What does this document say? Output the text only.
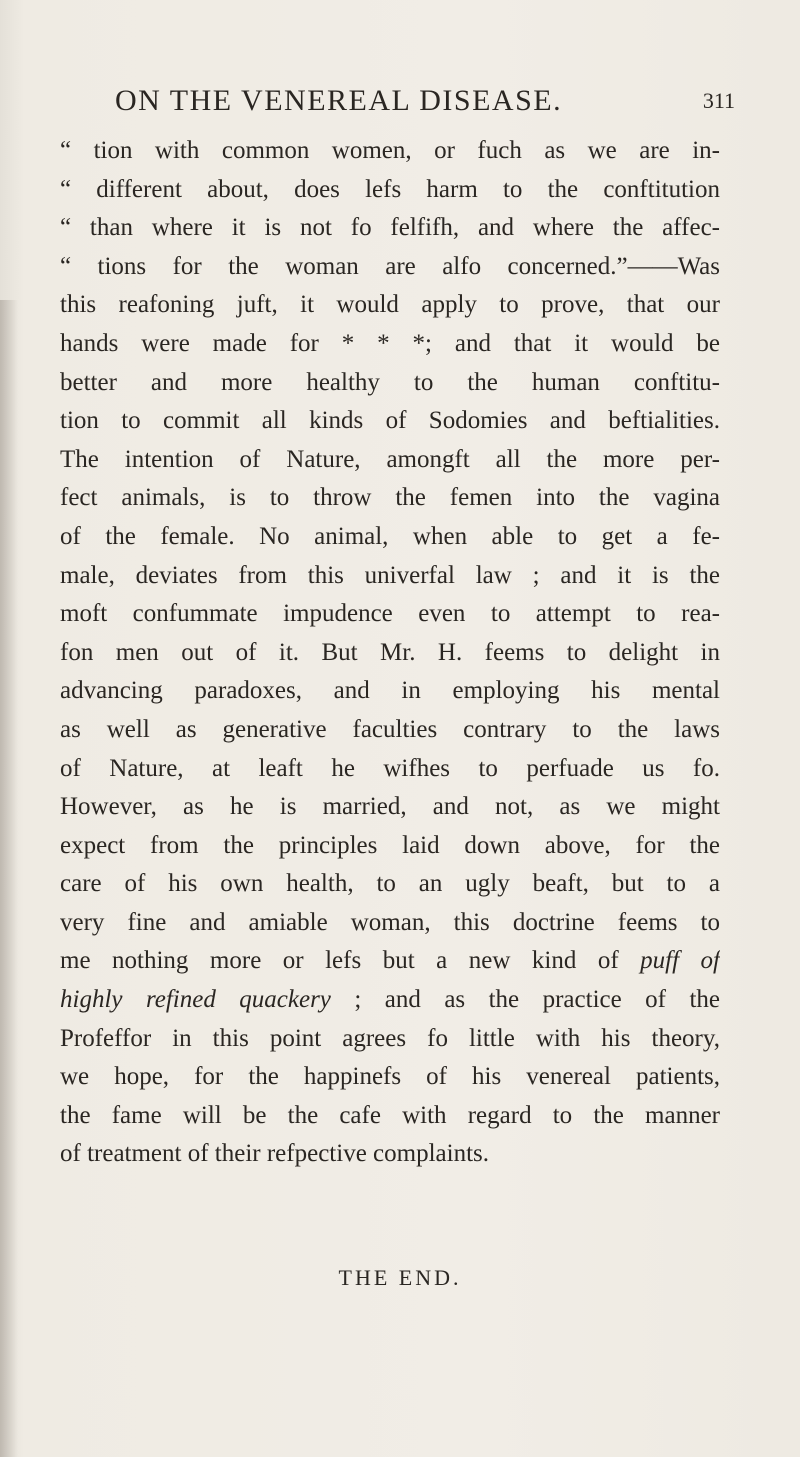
ON THE VENEREAL DISEASE.	311
“ tion with common women, or fuch as we are in-
“ different about, does lefs harm to the conftitution
“ than where it is not fo felfifh, and where the affec-
“ tions for the woman are alfo concerned.”——Was
this reafoning juft, it would apply to prove, that our
hands were made for * * *; and that it would be
better and more healthy to the human conftitu-
tion to commit all kinds of Sodomies and beftialities.
The intention of Nature, amongft all the more per-
fect animals, is to throw the femen into the vagina
of the female. No animal, when able to get a fe-
male, deviates from this univerfal law ; and it is the
moft confummate impudence even to attempt to rea-
fon men out of it. But Mr. H. feems to delight in
advancing paradoxes, and in employing his mental
as well as generative faculties contrary to the laws
of Nature, at leaft he wifhes to perfuade us fo.
However, as he is married, and not, as we might
expect from the principles laid down above, for the
care of his own health, to an ugly beaft, but to a
very fine and amiable woman, this doctrine feems to
me nothing more or lefs but a new kind of puff of
highly refined quackery ; and as the practice of the
Profeffor in this point agrees fo little with his theory,
we hope, for the happinefs of his venereal patients,
the fame will be the cafe with regard to the manner
of treatment of their refpective complaints.
THE END.
